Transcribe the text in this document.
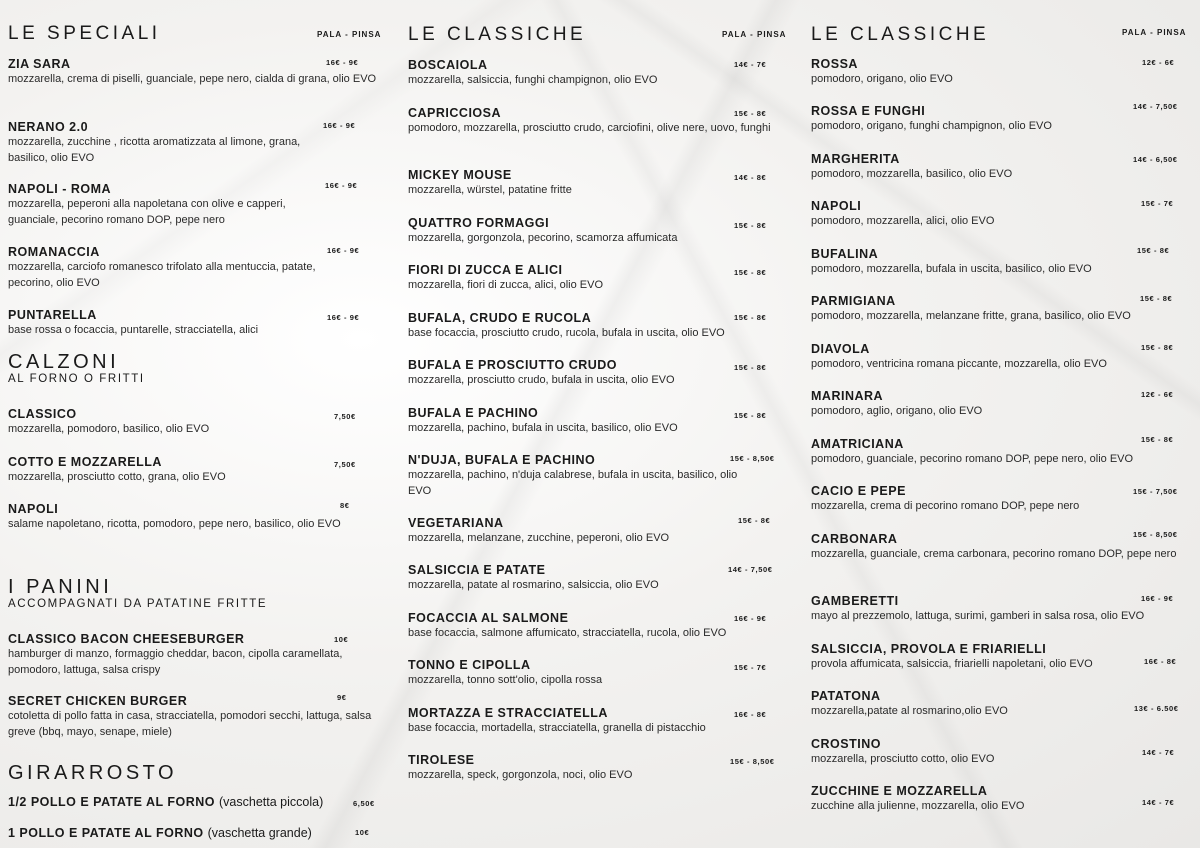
LE SPECIALI	PALA - PINSA
ZIA SARA
mozzarella, crema di piselli, guanciale, pepe nero, cialda di grana, olio EVO
16€ - 9€
NERANO 2.0
mozzarella, zucchine , ricotta aromatizzata al limone, grana, basilico, olio EVO
16€ - 9€
NAPOLI - ROMA
mozzarella, peperoni alla napoletana con olive e capperi, guanciale, pecorino romano DOP, pepe nero
16€ - 9€
ROMANACCIA
mozzarella, carciofo romanesco trifolato alla mentuccia, patate, pecorino, olio EVO
16€ - 9€
PUNTARELLA
base rossa o focaccia, puntarelle, stracciatella, alici
16€ - 9€
CALZONI
AL FORNO O FRITTI
CLASSICO
mozzarella, pomodoro, basilico, olio EVO
7,50€
COTTO E MOZZARELLA
mozzarella, prosciutto cotto, grana, olio EVO
7,50€
NAPOLI
salame napoletano, ricotta, pomodoro, pepe nero, basilico, olio EVO
8€
I PANINI
ACCOMPAGNATI DA PATATINE FRITTE
CLASSICO BACON CHEESEBURGER
hamburger di manzo, formaggio cheddar, bacon, cipolla caramellata, pomodoro, lattuga, salsa crispy
10€
SECRET CHICKEN BURGER
cotoletta di pollo fatta in casa, stracciatella, pomodori secchi, lattuga, salsa greve (bbq, mayo, senape, miele)
9€
GIRARROSTO
1/2 POLLO E PATATE AL FORNO (vaschetta piccola)	6,50€
1 POLLO E PATATE AL FORNO (vaschetta grande)	10€
LE CLASSICHE	PALA - PINSA
BOSCAIOLA
mozzarella, salsiccia, funghi champignon, olio EVO
14€ - 7€
CAPRICCIOSA
pomodoro, mozzarella, prosciutto crudo, carciofini, olive nere, uovo, funghi
15€ - 8€
MICKEY MOUSE
mozzarella, würstel, patatine fritte
14€ - 8€
QUATTRO FORMAGGI
mozzarella, gorgonzola, pecorino, scamorza affumicata
15€ - 8€
FIORI DI ZUCCA E ALICI
mozzarella, fiori di zucca, alici, olio EVO
15€ - 8€
BUFALA, CRUDO E RUCOLA
base focaccia, prosciutto crudo, rucola, bufala in uscita, olio EVO
15€ - 8€
BUFALA E PROSCIUTTO CRUDO
mozzarella, prosciutto crudo, bufala in uscita, olio EVO
15€ - 8€
BUFALA E PACHINO
mozzarella, pachino, bufala in uscita, basilico, olio EVO
15€ - 8€
N'DUJA, BUFALA E PACHINO
mozzarella, pachino, n'duja calabrese, bufala in uscita, basilico, olio EVO
15€ - 8,50€
VEGETARIANA
mozzarella, melanzane, zucchine, peperoni, olio EVO
15€ - 8€
SALSICCIA E PATATE
mozzarella, patate al rosmarino, salsiccia, olio EVO
14€ - 7,50€
FOCACCIA AL SALMONE
base focaccia, salmone affumicato, stracciatella, rucola, olio EVO
16€ - 9€
TONNO E CIPOLLA
mozzarella, tonno sott'olio, cipolla rossa
15€ - 7€
MORTAZZA E STRACCIATELLA
base focaccia, mortadella, stracciatella, granella di pistacchio
16€ - 8€
TIROLESE
mozzarella, speck, gorgonzola, noci, olio EVO
15€ - 8,50€
LE CLASSICHE	PALA - PINSA
ROSSA
pomodoro, origano, olio EVO
12€ - 6€
ROSSA E FUNGHI
pomodoro, origano, funghi champignon, olio EVO
14€ - 7,50€
MARGHERITA
pomodoro, mozzarella, basilico, olio EVO
14€ - 6,50€
NAPOLI
pomodoro, mozzarella, alici, olio EVO
15€ - 7€
BUFALINA
pomodoro, mozzarella, bufala in uscita, basilico, olio EVO
15€ - 8€
PARMIGIANA
pomodoro, mozzarella, melanzane fritte, grana, basilico, olio EVO
15€ - 8€
DIAVOLA
pomodoro, ventricina romana piccante, mozzarella, olio EVO
15€ - 8€
MARINARA
pomodoro, aglio, origano, olio EVO
12€ - 6€
AMATRICIANA
pomodoro, guanciale, pecorino romano DOP, pepe nero, olio EVO
15€ - 8€
CACIO E PEPE
mozzarella, crema di pecorino romano DOP, pepe nero
15€ - 7,50€
CARBONARA
mozzarella, guanciale, crema carbonara, pecorino romano DOP, pepe nero
15€ - 8,50€
GAMBERETTI
mayo al prezzemolo, lattuga, surimi, gamberi in salsa rosa, olio EVO
16€ - 9€
SALSICCIA, PROVOLA E FRIARIELLI
provola affumicata, salsiccia, friarielli napoletani, olio EVO	16€ - 8€
PATATONA
mozzarella,patate al rosmarino,olio EVO	13€ - 6.50€
CROSTINO
mozzarella, prosciutto cotto, olio EVO
14€ - 7€
ZUCCHINE E MOZZARELLA
zucchine alla julienne, mozzarella, olio EVO	14€ - 7€
